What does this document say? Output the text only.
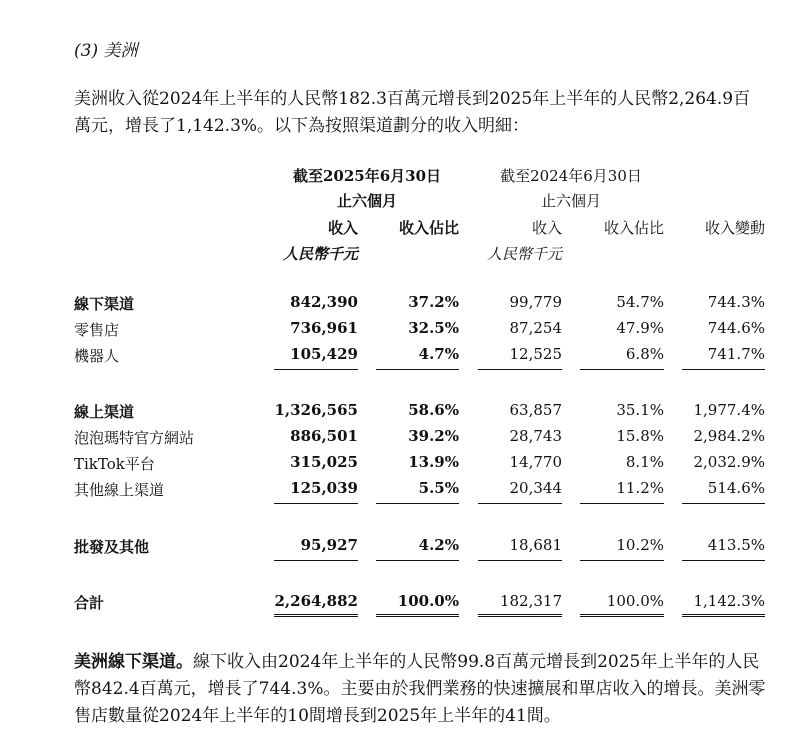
(3) 美洲
美洲收入從2024年上半年的人民幣182.3百萬元增長到2025年上半年的人民幣2,264.9百萬元，增長了1,142.3%。以下為按照渠道劃分的收入明細：
截至2025年6月30日	截至2024年6月30日
止六個月	止六個月
收入	收入佔比	收入	收入佔比	收入變動
人民幣千元	人民幣千元
線下渠道	842,390	37.2%	99,779	54.7%	744.3%
零售店	736,961	32.5%	87,254	47.9%	744.6%
機器人	105,429	4.7%	12,525	6.8%	741.7%
線上渠道	1,326,565	58.6%	63,857	35.1% 1,977.4%
泡泡瑪特官方網站	886,501	39.2%	28,743	15.8% 2,984.2%
TikTok平台	315,025	13.9%	14,770	8.1% 2,032.9%
其他線上渠道	125,039	5.5%	20,344	11.2%	514.6%
批發及其他	95,927	4.2%	18,681	10.2%	413.5%
合計	2,264,882	100.0%	182,317	100.0% 1,142.3%
美洲線下渠道。線下收入由2024年上半年的人民幣99.8百萬元增長到2025年上半年的人民幣842.4百萬元，增長了744.3%。主要由於我們業務的快速擴展和單店收入的增長。美洲零售店數量從2024年上半年的10間增長到2025年上半年的41間。
